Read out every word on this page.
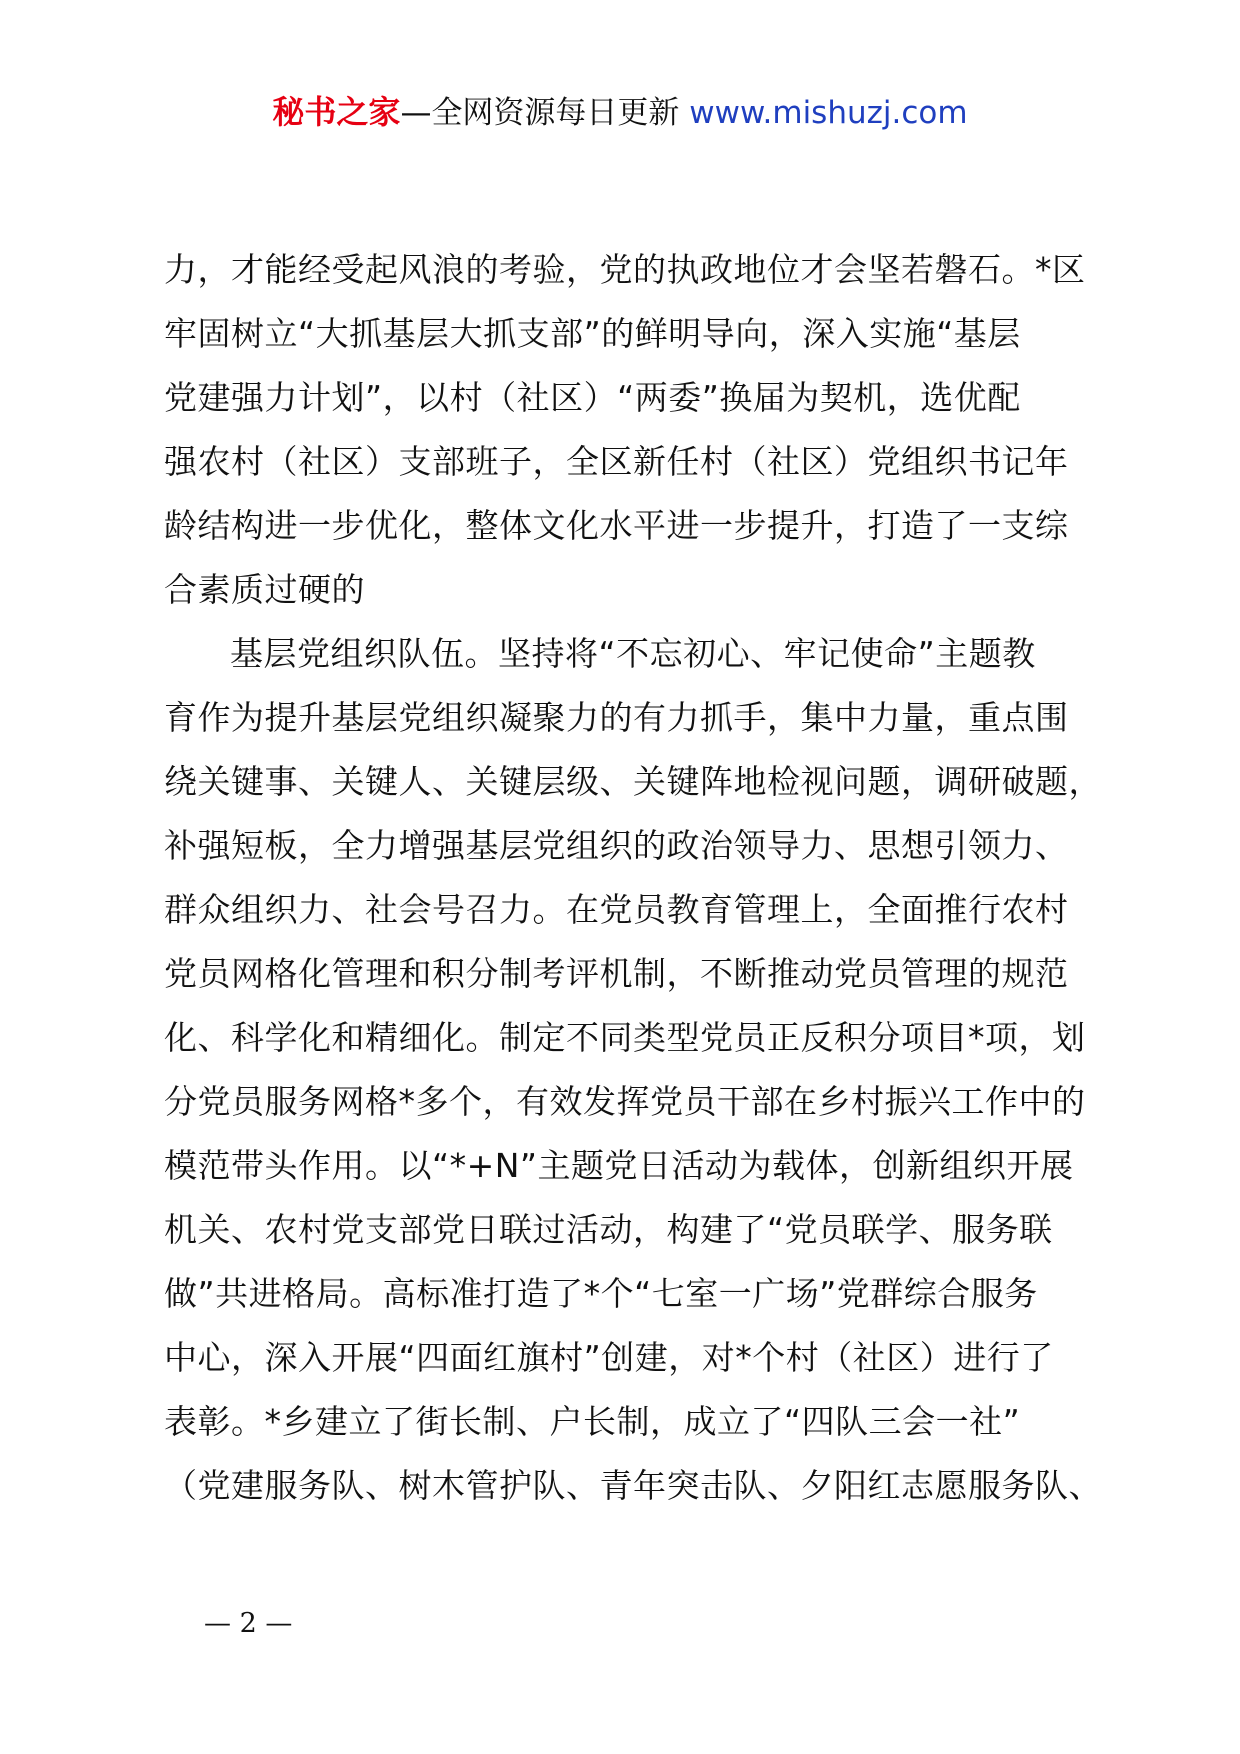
秘书之家—全网资源每日更新 www.mishuzj.com
力，才能经受起风浪的考验，党的执政地位才会坚若磐石。*区
牢固树立“大抓基层大抓支部”的鲜明导向，深入实施“基层
党建强力计划”，以村（社区）“两委”换届为契机，选优配
强农村（社区）支部班子，全区新任村（社区）党组织书记年
龄结构进一步优化，整体文化水平进一步提升，打造了一支综
合素质过硬的
基层党组织队伍。坚持将“不忘初心、牢记使命”主题教
育作为提升基层党组织凝聚力的有力抓手，集中力量，重点围
绕关键事、关键人、关键层级、关键阵地检视问题，调研破题，
补强短板，全力增强基层党组织的政治领导力、思想引领力、
群众组织力、社会号召力。在党员教育管理上，全面推行农村
党员网格化管理和积分制考评机制，不断推动党员管理的规范
化、科学化和精细化。制定不同类型党员正反积分项目*项，划
分党员服务网格*多个，有效发挥党员干部在乡村振兴工作中的
模范带头作用。以“*+N”主题党日活动为载体，创新组织开展
机关、农村党支部党日联过活动，构建了“党员联学、服务联
做”共进格局。高标准打造了*个“七室一广场”党群综合服务
中心，深入开展“四面红旗村”创建，对*个村（社区）进行了
表彰。*乡建立了街长制、户长制，成立了“四队三会一社”
（党建服务队、树木管护队、青年突击队、夕阳红志愿服务队、
— 2 —
